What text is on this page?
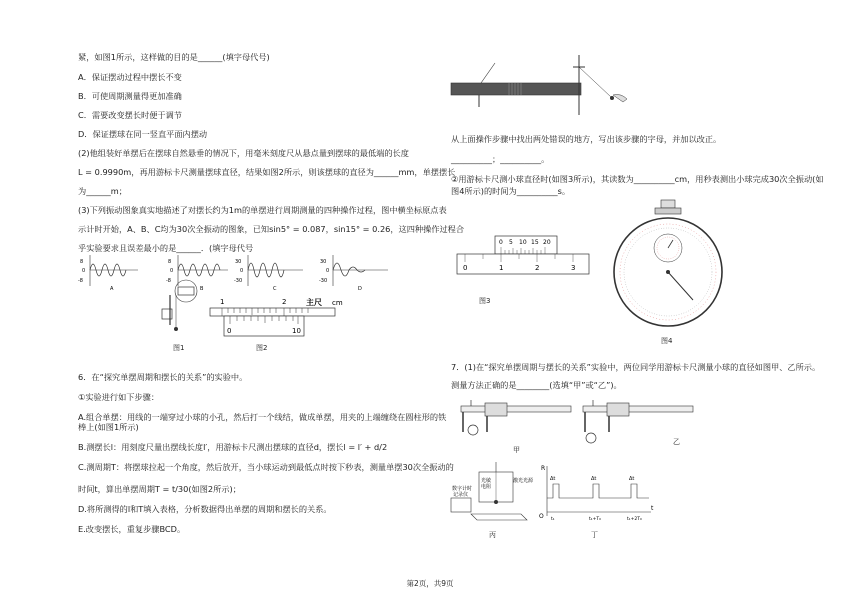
紧，如图1所示，这样做的目的是______(填字母代号)
A．保证摆动过程中摆长不变
B．可使周期测量得更加准确
C．需要改变摆长时便于调节
D．保证摆球在同一竖直平面内摆动
(2)他组装好单摆后在摆球自然悬垂的情况下，用毫米刻度尺从悬点量到摆球的最低端的长度
L = 0.9990m，再用游标卡尺测量摆球直径，结果如图2所示，则该摆球的直径为______mm，单摆摆长
为______m；
(3)下列振动图象真实地描述了对摆长约为1m的单摆进行周期测量的四种操作过程，图中横坐标原点表
示计时开始，A、B、C均为30次全振动的图象，已知sin5° = 0.087，sin15° = 0.26，这四种操作过程合
乎实验要求且误差最小的是______．(填字母代号
8
0
-8
A
8
0
-8
B
30
0
-30
C
30
0
-30
D
图1
1	2 主尺 cm
0	10
图2
6．在“探究单摆周期和摆长的关系”的实验中。
①实验进行如下步骤：
A.组合单摆：用线的一端穿过小球的小孔，然后打一个线结，做成单摆，用夹的上端缠绕在圆柱形的铁
棒上(如图1所示)
B.测摆长l：用刻度尺量出摆线长度l′，用游标卡尺测出摆球的直径d，摆长l = l′ + d/2
C.测周期T：将摆球拉起一个角度，然后放开，当小球运动到最低点时按下秒表，测量单摆30次全振动的
时间t，算出单摆周期T = t/30(如图2所示)；
D.将所测得的l和T填入表格，分析数据得出单摆的周期和摆长的关系。
E.改变摆长，重复步骤BCD。
从上面操作步骤中找出两处错误的地方，写出该步骤的字母，并加以改正。
__________；__________。
②用游标卡尺测小球直径时(如图3所示)，其读数为__________cm，用秒表测出小球完成30次全振动(如
图4所示)的时间为__________s。
0 5 10 15 20
0	1	2	3
图3
图4
7．(1)在“探究单摆周期与摆长的关系”实验中，两位同学用游标卡尺测量小球的直径如图甲、乙所示。
测量方法正确的是________(选填“甲”或“乙”)。
甲
乙
数字计时
记录仪
光敏
电阻
激光光源
丙
R
O
t
Δt	Δt	Δt
t₁	t₁+T₀	t₁+2T₀
丁
第2页，共9页
